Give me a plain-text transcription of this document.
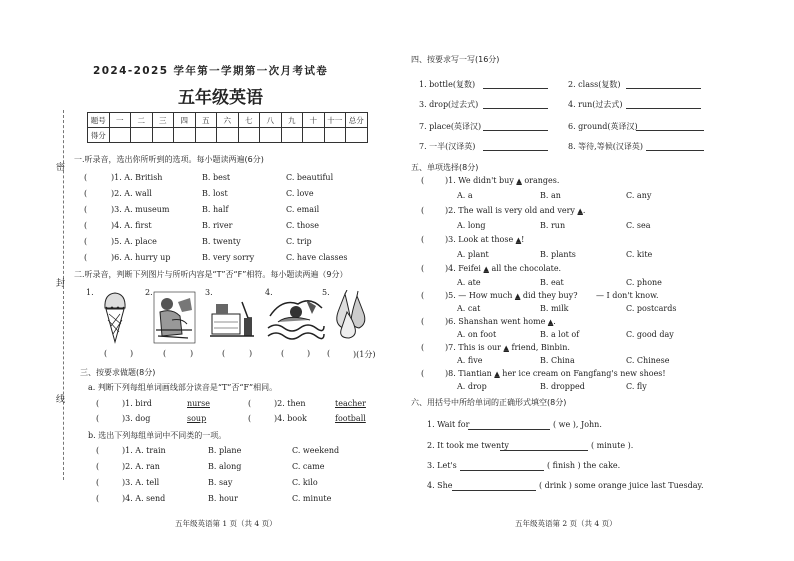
2024-2025 学年第一学期第一次月考试卷
五年级英语
题号	一	二	三	四	五	六	七	八	九	十	十一	总分
得分												
密
封
线
一.听录音，选出你所听到的选项。每小题读两遍(6分)
(	)1. A. British	B. best	C. beautiful
(	)2. A. wall	B. lost	C. love
(	)3. A. museum	B. half	C. email
(	)4. A. first	B. river	C. those
(	)5. A. place	B. twenty	C. trip
(	)6. A. hurry up	B. very sorry	C. have classes
二.听录音，判断下列图片与所听内容是“T”否“F”相符。每小题读两遍（9分）
1.	2.	3.	4.	5.
(	)	(	)	(	)	(	) (	)(1分)
三、按要求做题(8分)
a. 判断下列每组单词画线部分读音是“T”否“F”相同。
(	)1. bird	nurse	(	)2. then	teacher
(	)3. dog	soup	(	)4. book	football
b. 选出下列每组单词中不同类的一项。
(	)1. A. train	B. plane	C. weekend
(	)2. A. ran	B. along	C. came
(	)3. A. tell	B. say	C. kilo
(	)4. A. send	B. hour	C. minute
五年级英语第 1 页（共 4 页）
四、按要求写一写(16分)
1. bottle(复数)	2. class(复数)
3. drop(过去式)	4. run(过去式)
7. place(英译汉)	6. ground(英译汉)
7. 一半(汉译英)	8. 等待,等候(汉译英)
五、单项选择(8分)
(	)1. We didn't buy ▲ oranges.
A. a	B. an	C. any
(	)2. The wall is very old and very ▲.
A. long	B. run	C. sea
(	)3. Look at those ▲!
A. plant	B. plants	C. kite
(	)4. Feifei ▲ all the chocolate.
A. ate	B. eat	C. phone
(	)5. — How much ▲ did they buy? — I don't know.
A. cat	B. milk	C. postcards
(	)6. Shanshan went home ▲.
A. on foot	B. a lot of	C. good day
(	)7. This is our ▲ friend, Binbin.
A. five	B. China	C. Chinese
(	)8. Tiantian ▲ her ice cream on Fangfang's new shoes!
A. drop	B. dropped	C. fly
六、用括号中所给单词的正确形式填空(8分)
1. Wait for	( we ), John.
2. It took me twenty	( minute ).
3. Let's	( finish ) the cake.
4. She	( drink ) some orange juice last Tuesday.
五年级英语第 2 页（共 4 页）
